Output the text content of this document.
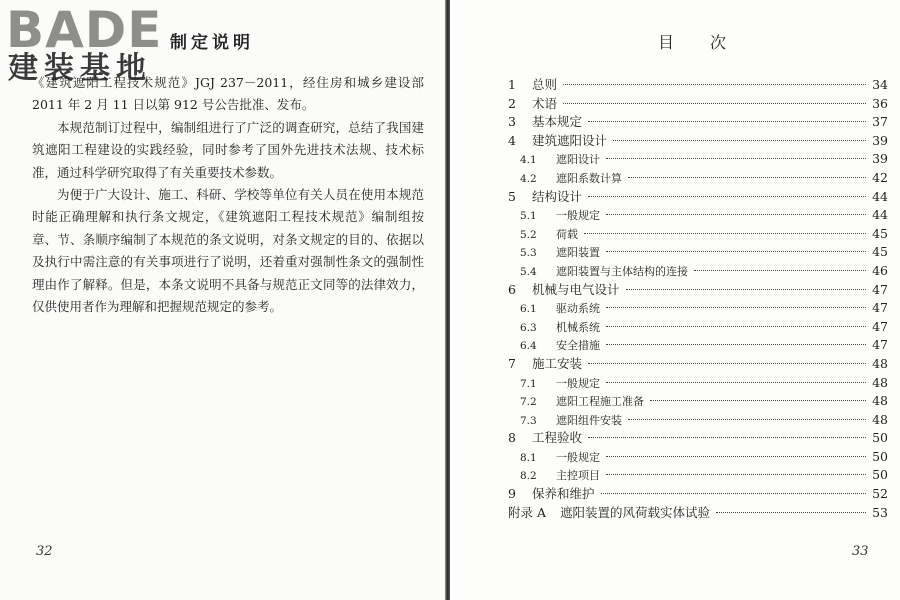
BADE
建装基地
制定说明

《建筑遮阳工程技术规范》JGJ 237－2011，经住房和城乡建设部 2011 年 2 月 11 日以第 912 号公告批准、发布。

本规范制订过程中，编制组进行了广泛的调查研究，总结了我国建筑遮阳工程建设的实践经验，同时参考了国外先进技术法规、技术标准，通过科学研究取得了有关重要技术参数。

为便于广大设计、施工、科研、学校等单位有关人员在使用本规范时能正确理解和执行条文规定，《建筑遮阳工程技术规范》编制组按章、节、条顺序编制了本规范的条文说明，对条文规定的目的、依据以及执行中需注意的有关事项进行了说明，还着重对强制性条文的强制性理由作了解释。但是，本条文说明不具备与规范正文同等的法律效力，仅供使用者作为理解和把握规范规定的参考。

32
目次
1	总则	34
2	术语	36
3	基本规定	37
4	建筑遮阳设计	39
4.1	遮阳设计	39
4.2	遮阳系数计算	42
5	结构设计	44
5.1	一般规定	44
5.2	荷载	45
5.3	遮阳装置	45
5.4	遮阳装置与主体结构的连接	46
6	机械与电气设计	47
6.1	驱动系统	47
6.3	机械系统	47
6.4	安全措施	47
7	施工安装	48
7.1	一般规定	48
7.2	遮阳工程施工准备	48
7.3	遮阳组件安装	48
8	工程验收	50
8.1	一般规定	50
8.2	主控项目	50
9	保养和维护	52
附录 A	遮阳装置的风荷载实体试验	53
33
